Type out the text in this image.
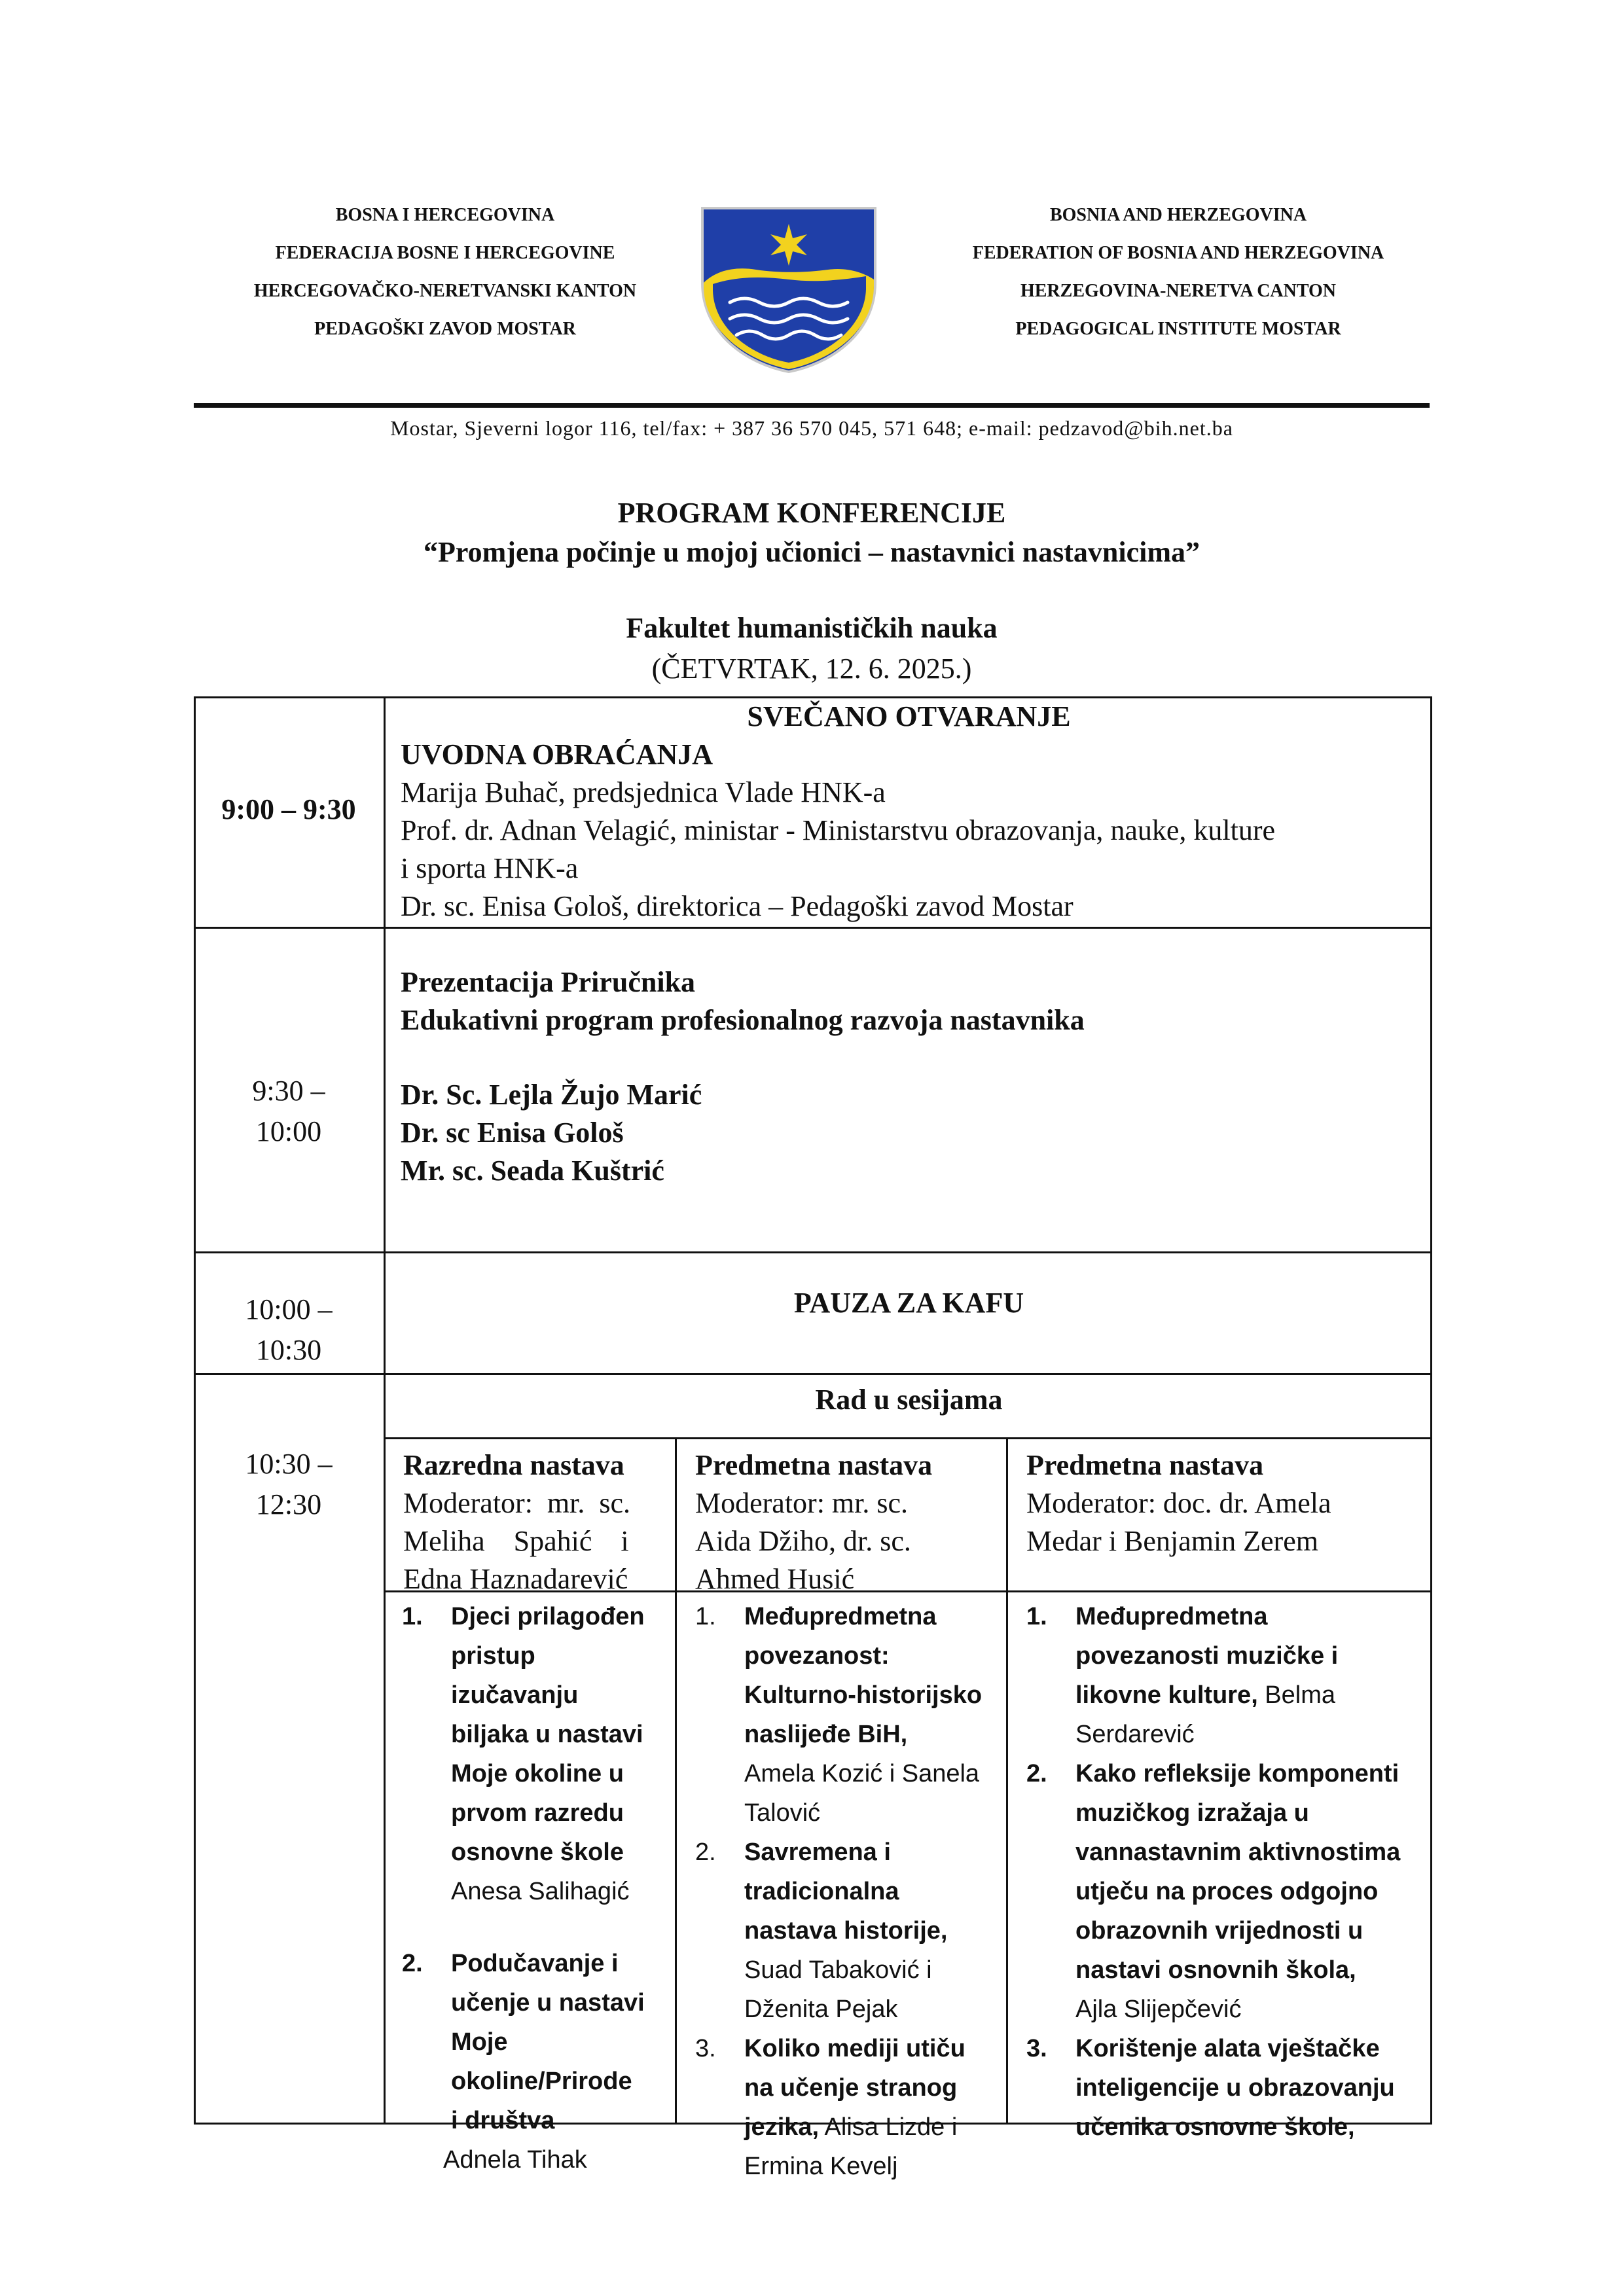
BOSNA I HERCEGOVINA
FEDERACIJA BOSNE I HERCEGOVINE
HERCEGOVAČKO-NERETVANSKI KANTON
PEDAGOŠKI ZAVOD MOSTAR
BOSNIA AND HERZEGOVINA
FEDERATION OF BOSNIA AND HERZEGOVINA
HERZEGOVINA-NERETVA CANTON
PEDAGOGICAL INSTITUTE MOSTAR
Mostar, Sjeverni logor 116, tel/fax: + 387 36 570 045, 571 648; e-mail: pedzavod@bih.net.ba
PROGRAM KONFERENCIJE
“Promjena počinje u mojoj učionici – nastavnici nastavnicima”
Fakultet humanističkih nauka
(ČETVRTAK, 12. 6. 2025.)
9:00 – 9:30
SVEČANO OTVARANJE
UVODNA OBRAĆANJA
Marija Buhač, predsjednica Vlade HNK-a
Prof. dr. Adnan Velagić, ministar - Ministarstvu obrazovanja, nauke, kulture
i sporta HNK-a
Dr. sc. Enisa Gološ, direktorica – Pedagoški zavod Mostar
9:30 –
10:00
Prezentacija Priručnika
Edukativni program profesionalnog razvoja nastavnika
Dr. Sc. Lejla Žujo Marić
Dr. sc Enisa Gološ
Mr. sc. Seada Kuštrić
10:00 –
10:30
PAUZA ZA KAFU
10:30 –
12:30
Rad u sesijama
Razredna nastava
Moderator:  mr.  sc.
Meliha    Spahić    i
Edna Haznadarević
1. Djeci prilagođen
pristup
izučavanju
biljaka u nastavi
Moje okoline u
prvom razredu
osnovne škole
Anesa Salihagić
2. Podučavanje i
učenje u nastavi
Moje
okoline/Prirode
i društva
Adnela Tihak
Predmetna nastava
Moderator: mr. sc.
Aida Džiho, dr. sc.
Ahmed Husić
1. Međupredmetna
povezanost:
Kulturno-historijsko
naslijeđe BiH,
Amela Kozić i Sanela
Talović
2. Savremena i
tradicionalna
nastava historije,
Suad Tabaković i
Dženita Pejak
3. Koliko mediji utiču
na učenje stranog
jezika, Alisa Lizde i
Ermina Kevelj
Predmetna nastava
Moderator: doc. dr. Amela
Medar i Benjamin Zerem
1. Međupredmetna
povezanosti muzičke i
likovne kulture, Belma
Serdarević
2. Kako refleksije komponenti
muzičkog izražaja u
vannastavnim aktivnostima
utječu na proces odgojno
obrazovnih vrijednosti u
nastavi osnovnih škola,
Ajla Slijepčević
3. Korištenje alata vještačke
inteligencije u obrazovanju
učenika osnovne škole,
